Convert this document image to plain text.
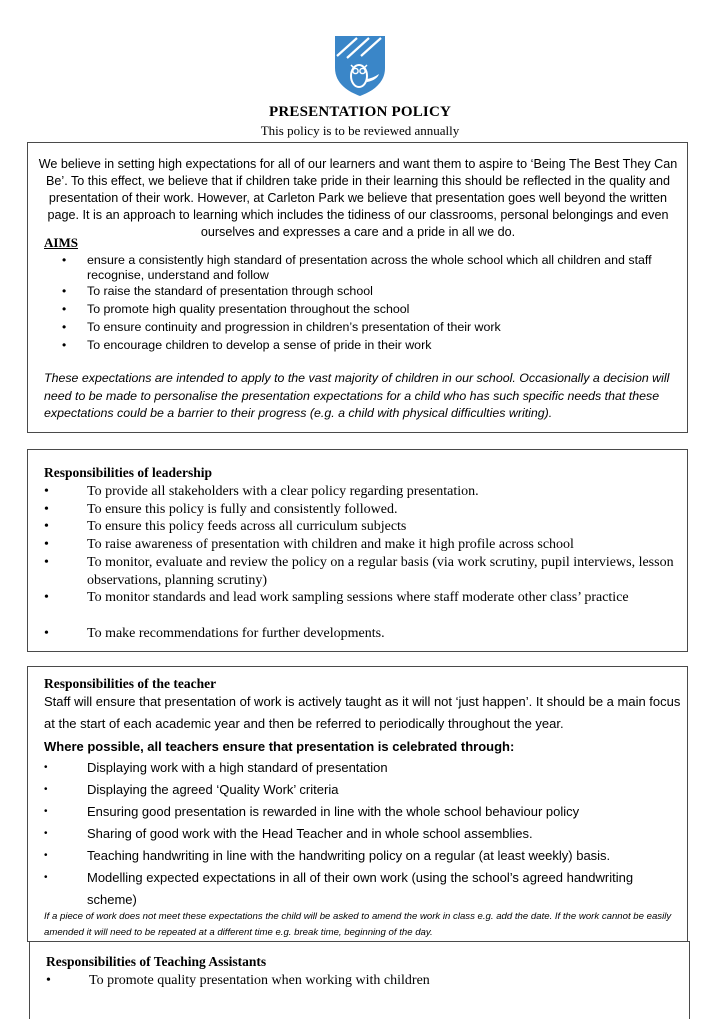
PRESENTATION POLICY
This policy is to be reviewed annually
We believe in setting high expectations for all of our learners and want them to aspire to ‘Being The Best They Can Be’. To this effect, we believe that if children take pride in their learning this should be reflected in the quality and presentation of their work. However, at Carleton Park we believe that presentation goes well beyond the written page. It is an approach to learning which includes the tidiness of our classrooms, personal belongings and even ourselves and expresses a care and a pride in all we do.
AIMS
• ensure a consistently high standard of presentation across the whole school which all children and staff recognise, understand and follow
• To raise the standard of presentation through school
• To promote high quality presentation throughout the school
• To ensure continuity and progression in children’s presentation of their work
• To encourage children to develop a sense of pride in their work
These expectations are intended to apply to the vast majority of children in our school. Occasionally a decision will need to be made to personalise the presentation expectations for a child who has such specific needs that these expectations could be a barrier to their progress (e.g. a child with physical difficulties writing).
Responsibilities of leadership
•	To provide all stakeholders with a clear policy regarding presentation.
•	To ensure this policy is fully and consistently followed.
•	To ensure this policy feeds across all curriculum subjects
•	To raise awareness of presentation with children and make it high profile across school
•	To monitor, evaluate and review the policy on a regular basis (via work scrutiny, pupil interviews, lesson observations, planning scrutiny)
•	To monitor standards and lead work sampling sessions where staff moderate other class’ practice
•	To make recommendations for further developments.
Responsibilities of the teacher
Staff will ensure that presentation of work is actively taught as it will not ‘just happen’. It should be a main focus at the start of each academic year and then be referred to periodically throughout the year.
Where possible, all teachers ensure that presentation is celebrated through:
•	Displaying work with a high standard of presentation
•	Displaying the agreed ‘Quality Work’ criteria
•	Ensuring good presentation is rewarded in line with the whole school behaviour policy
•	Sharing of good work with the Head Teacher and in whole school assemblies.
•	Teaching handwriting in line with the handwriting policy on a regular (at least weekly) basis.
•	Modelling expected expectations in all of their own work (using the school’s agreed handwriting scheme)
If a piece of work does not meet these expectations the child will be asked to amend the work in class e.g. add the date. If the work cannot be easily amended it will need to be repeated at a different time e.g. break time, beginning of the day.
Responsibilities of Teaching Assistants
•	To promote quality presentation when working with children
